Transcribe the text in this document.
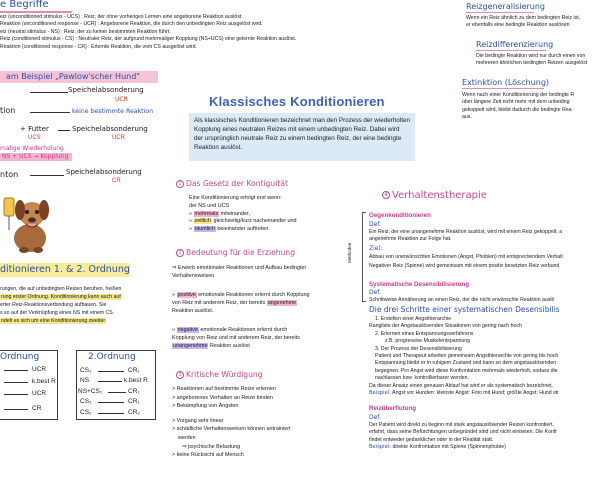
e Begriffe
eiz (unconditioned stimulus - UCS) : Reiz, der ohne vorheriges Lernen eine angeborene Reaktion auslöst.
Reaktion (unconditioned response - UCR) : Angeborene Reaktion, die durch den unbedingten Reiz ausgelöst wird.
eiz (neutral stimulus - NS) : Reiz, der zu keiner bestimmten Reaktion führt.
Reiz (conditioned stimulus - CS) : Neutraler Reiz, der aufgrund mehrmaliger Kopplung (NS+UCS) eine gelernte Reaktion auslöst.
Reaktion (conditioned response - CR) : Erlernte Reaktion, die vom CS ausgelöst wird.
am Beispiel „Pawlow'scher Hund"
tion
Speichelabsonderung
UCR
keine bestimmte Reaktion
+ Futter
UCS
Speichelabsonderung
UCR
malige Wiederholung
NS + UCS → Kopplung
nton	Speichelabsonderung
CR
ditionieren 1. & 2. Ordnung
rungen, die auf unbedingten Reizen beruhen, heißen
rung erster Ordnung. Konditionierung kann auch auf
erter Reiz-Reaktionsverbindung aufbauen. Sie
s so auf der Verknüpfung eines NS mit einem CS.
ndelt es sich um eine Konditionierung zweiter
Ordnung
UCR
k.best R
UCR
CR
2.Ordnung
CS₁	CR₁
NS	k.best R
NS+CS₁	CR₁
CS₂	CR₁
CS₂	CR₂
Klassisches Konditionieren
Als klassisches Konditionieren bezeichnet man den Prozess der wiederholten Kopplung eines neutralen Reizes mit einem unbedingten Reiz. Dabei wird der ursprünglich neutrale Reiz zu einem bedingten Reiz, der eine bedingte Reaktion auslöst.
1 Das Gesetz der Kontiguität
Eine Konditionierung erfolgt erst wenn:
der NS und UCS
» mehrmals miteinander,
» zeitlich gleichzeitig/kurz nacheinander und
» räumlich beieinander auftreten.
2 Bedeutung für die Erziehung
⇒ Erwerb emotionaler Reaktionen und Aufbau bedingter
Verhaltensweisen
» positive emotionale Reaktionen erlernt durch Kopplung
von Reiz mit anderem Reiz, der bereits angenehme
Reaktion auslöst.
» negative emotionale Reaktionen erlernt durch
Kopplung von Reiz und mit anderem Reiz, der bereits
unangenehme Reaktion auslöst
3 Kritische Würdigung
> Reaktionen auf bestimmte Reize erlernen
> angeborenes Verhalten an Reize binden
> Bekämpfung von Ängsten
> Vorgang sehr linear
> schädliche Verhaltensweisen können antrainiert
werden
⇒ psychische Belastung
> keine Rücksicht auf Mensch
Reizgeneralisierung
Wenn ein Reiz ähnlich zu dem bedingten Reiz ist,
er ebenfalls eine bedingte Reaktion auslösen
Reizdifferenzierung
Die bedingte Reaktion wird nur durch einen von
mehreren ähnlichen bedingten Reizen ausgelöst
Extinktion (Löschung)
Wenn nach einer Konditionierung der bedingte R
über längere Zeit nicht mehr mit dem unbeding
gekoppelt wird, bleibt dadurch die bedingte Rea
aus.
4 Verhaltenstherapie
Methoden
Gegenkonditionieren
Def.
Ein Reiz, der eine unangenehme Reaktion auslöst, wird mit einem Reiz gekoppelt, a
angenehme Reaktion zur Folge hat.
Ziel:
Abbau von unerwünschten Emotionen (Angst, Phobien) mit entsprechendem Verhalt
Negativer Reiz (Spinne) wird gemeinsam mit einem positiv besetzten Reiz verbund
Systematische Desensibilisierung
Def.
Schrittweise Annäherung an einen Reiz, der die nicht erwünschte Reaktion auslö
Die drei Schritte einer systematischen Desensibilis
1. Erstellen einer Angsthierarchie
Rangliste der Angstauslösenden Situationen von gering nach hoch
2. Erlernen eines Entspannungsverfahrens
z.B. progressive Muskelentspannung
3. Der Prozess der Desensibilisierung
Patient und Therapeut arbeiten gemeinsam Angsthierarchie von gering bis hoch
Entspannung bleibt er in ruhigem Zustand und kann so dem angstauslösenden
begegnen. Pro Angst wird diese Konfrontation mehrmals wiederholt, sodass die
nachlassen bzw. kontrollierbarer werden.
Da dieser Ansatz einen genauen Ablauf hat wird er als systematisch bezeichnet.
Beispiel: Angst vor Hunden: kleinste Angst: Foto mit Hund; größte Angst: Hund str
Reizüberflutung
Def.
Der Patient wird direkt zu beginn mit stark angstauslösender Reizen konfrontiert,
erfahrt, dass seine Befürchtungen unbegründet sind und nicht eintreten. Die Konfr
findet entweder gedanklicher oder in der Realität statt.
Beispiel: direkte Konfrontation mit Spinne (Spinnenphobie)
